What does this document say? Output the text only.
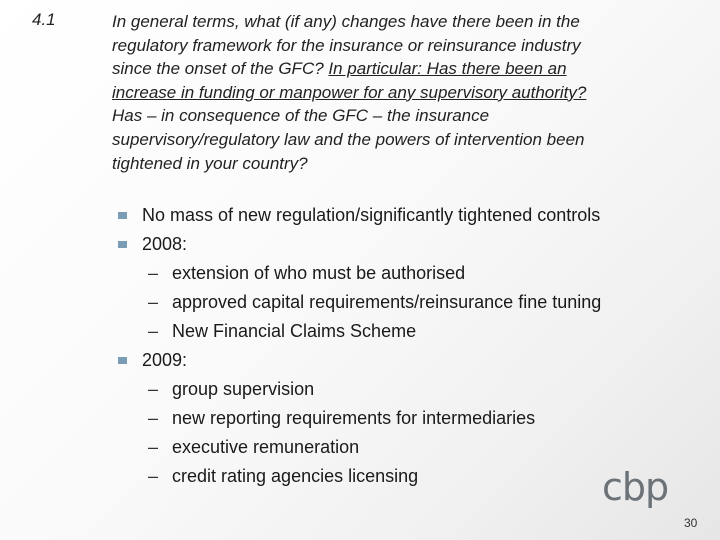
4.1	In general terms, what (if any) changes have there been in the

regulatory framework for the insurance or reinsurance industry

since the onset of the GFC? In particular: Has there been an

increase in funding or manpower for any supervisory authority?

Has – in consequence of the GFC – the insurance

supervisory/regulatory law and the powers of intervention been

tightened in your country?

No mass of new regulation/significantly tightened controls
2008:
– extension of who must be authorised
– approved capital requirements/reinsurance fine tuning
– New Financial Claims Scheme
2009:
– group supervision
– new reporting requirements for intermediaries
– executive remuneration
– credit rating agencies licensing	cbp
30
